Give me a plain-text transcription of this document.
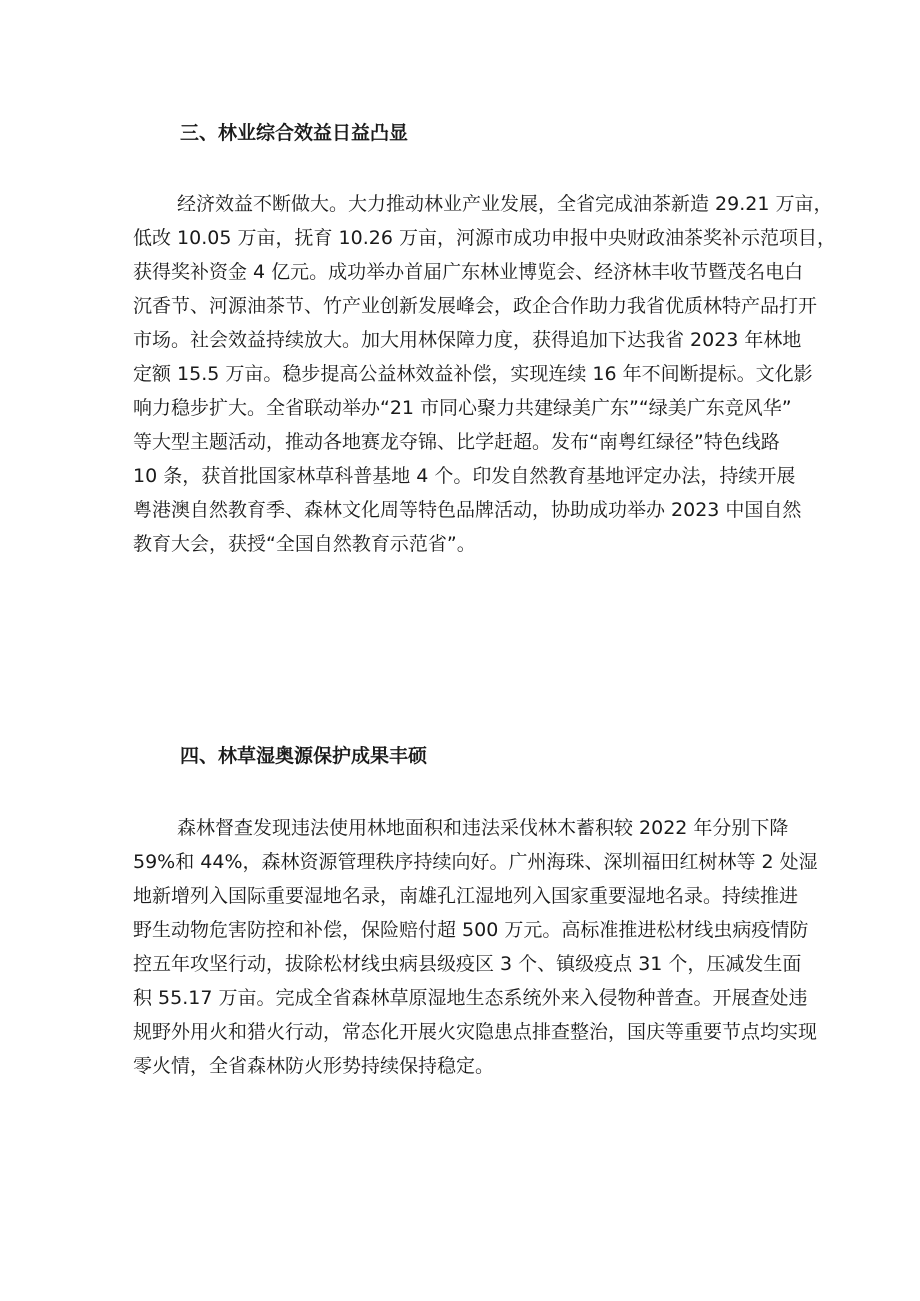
三、林业综合效益日益凸显
经济效益不断做大。大力推动林业产业发展，全省完成油茶新造 29.21 万亩，
低改 10.05 万亩，抚育 10.26 万亩，河源市成功申报中央财政油茶奖补示范项目，
获得奖补资金 4 亿元。成功举办首届广东林业博览会、经济林丰收节暨茂名电白
沉香节、河源油茶节、竹产业创新发展峰会，政企合作助力我省优质林特产品打开
市场。社会效益持续放大。加大用林保障力度，获得追加下达我省 2023 年林地
定额 15.5 万亩。稳步提高公益林效益补偿，实现连续 16 年不间断提标。文化影
响力稳步扩大。全省联动举办“21 市同心聚力共建绿美广东”“绿美广东竞风华”
等大型主题活动，推动各地赛龙夺锦、比学赶超。发布“南粤红绿径”特色线路
10 条，获首批国家林草科普基地 4 个。印发自然教育基地评定办法，持续开展
粤港澳自然教育季、森林文化周等特色品牌活动，协助成功举办 2023 中国自然
教育大会，获授“全国自然教育示范省”。
四、林草湿奥源保护成果丰硕
森林督查发现违法使用林地面积和违法采伐林木蓄积较 2022 年分别下降
59%和 44%，森林资源管理秩序持续向好。广州海珠、深圳福田红树林等 2 处湿
地新增列入国际重要湿地名录，南雄孔江湿地列入国家重要湿地名录。持续推进
野生动物危害防控和补偿，保险赔付超 500 万元。高标准推进松材线虫病疫情防
控五年攻坚行动，拔除松材线虫病县级疫区 3 个、镇级疫点 31 个，压减发生面
积 55.17 万亩。完成全省森林草原湿地生态系统外来入侵物种普查。开展查处违
规野外用火和猎火行动，常态化开展火灾隐患点排查整治，国庆等重要节点均实现
零火情，全省森林防火形势持续保持稳定。
